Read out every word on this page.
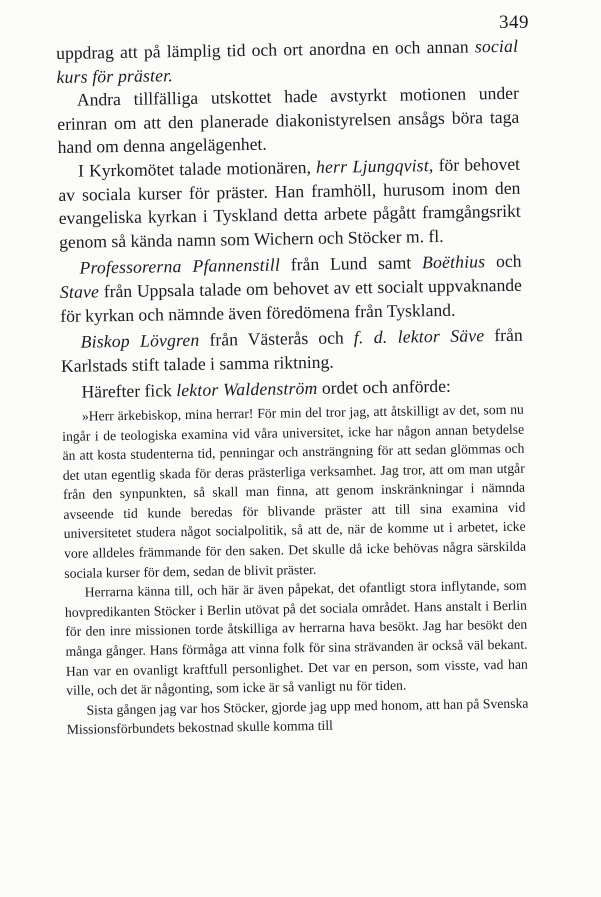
349

uppdrag att på lämplig tid och ort anordna en och annan social kurs för präster.

Andra tillfälliga utskottet hade avstyrkt motionen under erinran om att den planerade diakonistyrelsen ansågs böra taga hand om denna angelägenhet.

I Kyrkomötet talade motionären, herr Ljungqvist, för behovet av sociala kurser för präster. Han framhöll, hurusom inom den evangeliska kyrkan i Tyskland detta arbete pågått framgångsrikt genom så kända namn som Wichern och Stöcker m. fl.

Professorerna Pfannenstill från Lund samt Boëthius och Stave från Uppsala talade om behovet av ett socialt uppvaknande för kyrkan och nämnde även föredömena från Tyskland.

Biskop Lövgren från Västerås och f. d. lektor Säve från Karlstads stift talade i samma riktning.

Härefter fick lektor Waldenström ordet och anförde:

»Herr ärkebiskop, mina herrar! För min del tror jag, att åtskilligt av det, som nu ingår i de teologiska examina vid våra universitet, icke har någon annan betydelse än att kosta studenterna tid, penningar och ansträngning för att sedan glömmas och det utan egentlig skada för deras prästerliga verksamhet. Jag tror, att om man utgår från den synpunkten, så skall man finna, att genom inskränkningar i nämnda avseende tid kunde beredas för blivande präster att till sina examina vid universitetet studera något socialpolitik, så att de, när de komme ut i arbetet, icke vore alldeles främmande för den saken. Det skulle då icke behövas några särskilda sociala kurser för dem, sedan de blivit präster.

Herrarna känna till, och här är även påpekat, det ofantligt stora inflytande, som hovpredikanten Stöcker i Berlin utövat på det sociala området. Hans anstalt i Berlin för den inre missionen torde åtskilliga av herrarna hava besökt. Jag har besökt den många gånger. Hans förmåga att vinna folk för sina strävanden är också väl bekant. Han var en ovanligt kraftfull personlighet. Det var en person, som visste, vad han ville, och det är någonting, som icke är så vanligt nu för tiden.

Sista gången jag var hos Stöcker, gjorde jag upp med honom, att han på Svenska Missionsförbundets bekostnad skulle komma till
